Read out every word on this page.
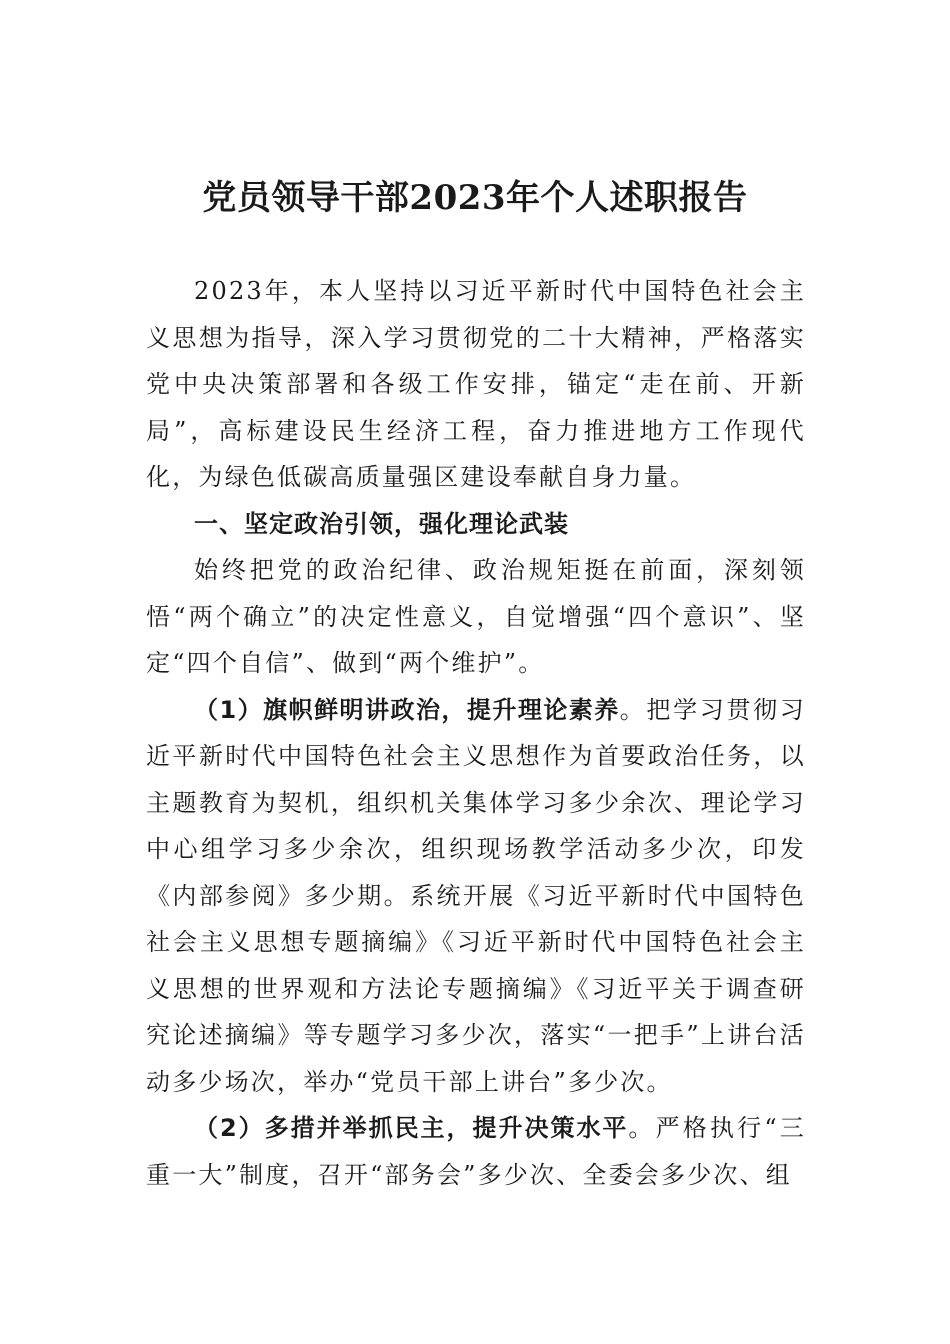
党员领导干部2023年个人述职报告

2023年，本人坚持以习近平新时代中国特色社会主义思想为指导，深入学习贯彻党的二十大精神，严格落实党中央决策部署和各级工作安排，锚定“走在前、开新局”，高标建设民生经济工程，奋力推进地方工作现代化，为绿色低碳高质量强区建设奉献自身力量。

一、坚定政治引领，强化理论武装

始终把党的政治纪律、政治规矩挺在前面，深刻领悟“两个确立”的决定性意义，自觉增强“四个意识”、坚定“四个自信”、做到“两个维护”。

（1）旗帜鲜明讲政治，提升理论素养。把学习贯彻习近平新时代中国特色社会主义思想作为首要政治任务，以主题教育为契机，组织机关集体学习多少余次、理论学习中心组学习多少余次，组织现场教学活动多少次，印发《内部参阅》多少期。系统开展《习近平新时代中国特色社会主义思想专题摘编》《习近平新时代中国特色社会主义思想的世界观和方法论专题摘编》《习近平关于调查研究论述摘编》等专题学习多少次，落实“一把手”上讲台活动多少场次，举办“党员干部上讲台”多少次。

（2）多措并举抓民主，提升决策水平。严格执行“三重一大”制度，召开“部务会”多少次、全委会多少次、组
